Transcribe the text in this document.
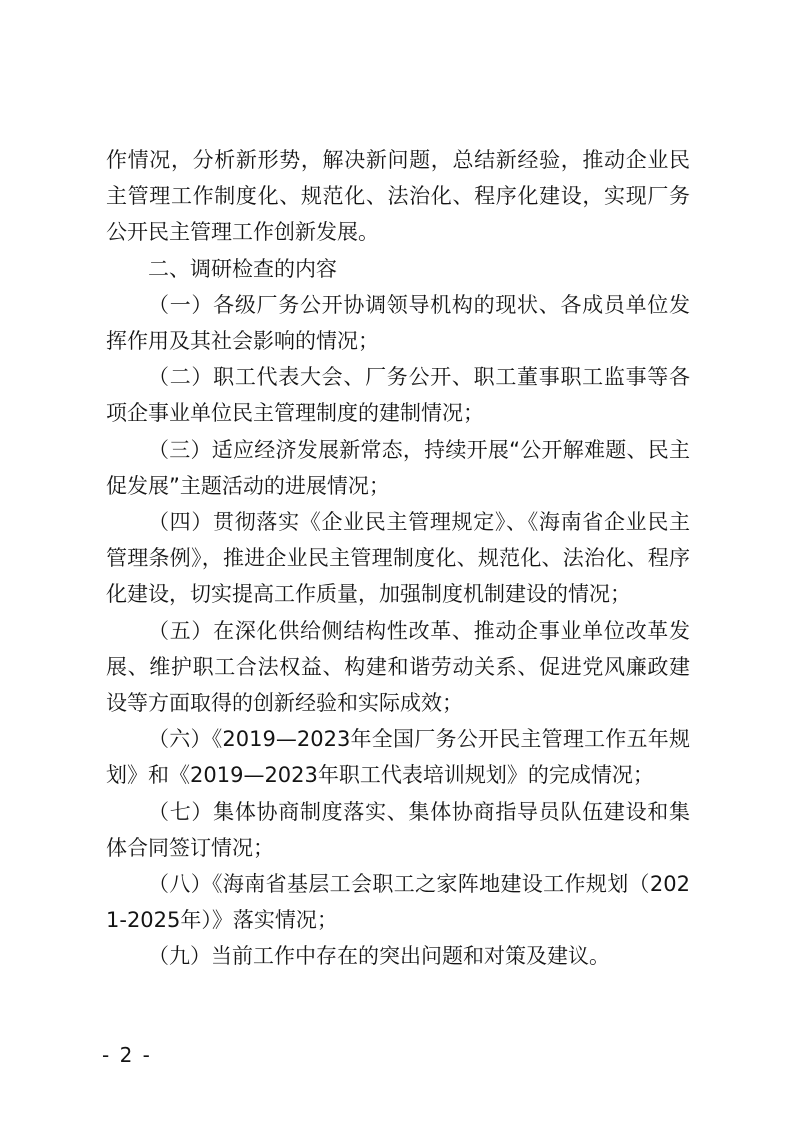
作情况，分析新形势，解决新问题，总结新经验，推动企业民主管理工作制度化、规范化、法治化、程序化建设，实现厂务公开民主管理工作创新发展。

二、调研检查的内容

（一）各级厂务公开协调领导机构的现状、各成员单位发挥作用及其社会影响的情况；

（二）职工代表大会、厂务公开、职工董事职工监事等各项企事业单位民主管理制度的建制情况；

（三）适应经济发展新常态，持续开展“公开解难题、民主促发展”主题活动的进展情况；

（四）贯彻落实《企业民主管理规定》、《海南省企业民主管理条例》，推进企业民主管理制度化、规范化、法治化、程序化建设，切实提高工作质量，加强制度机制建设的情况；

（五）在深化供给侧结构性改革、推动企事业单位改革发展、维护职工合法权益、构建和谐劳动关系、促进党风廉政建设等方面取得的创新经验和实际成效；

（六）《2019—2023年全国厂务公开民主管理工作五年规划》和《2019—2023年职工代表培训规划》的完成情况；

（七）集体协商制度落实、集体协商指导员队伍建设和集体合同签订情况；

（八）《海南省基层工会职工之家阵地建设工作规划（2021-2025年）》落实情况；

（九）当前工作中存在的突出问题和对策及建议。

- 2 -
